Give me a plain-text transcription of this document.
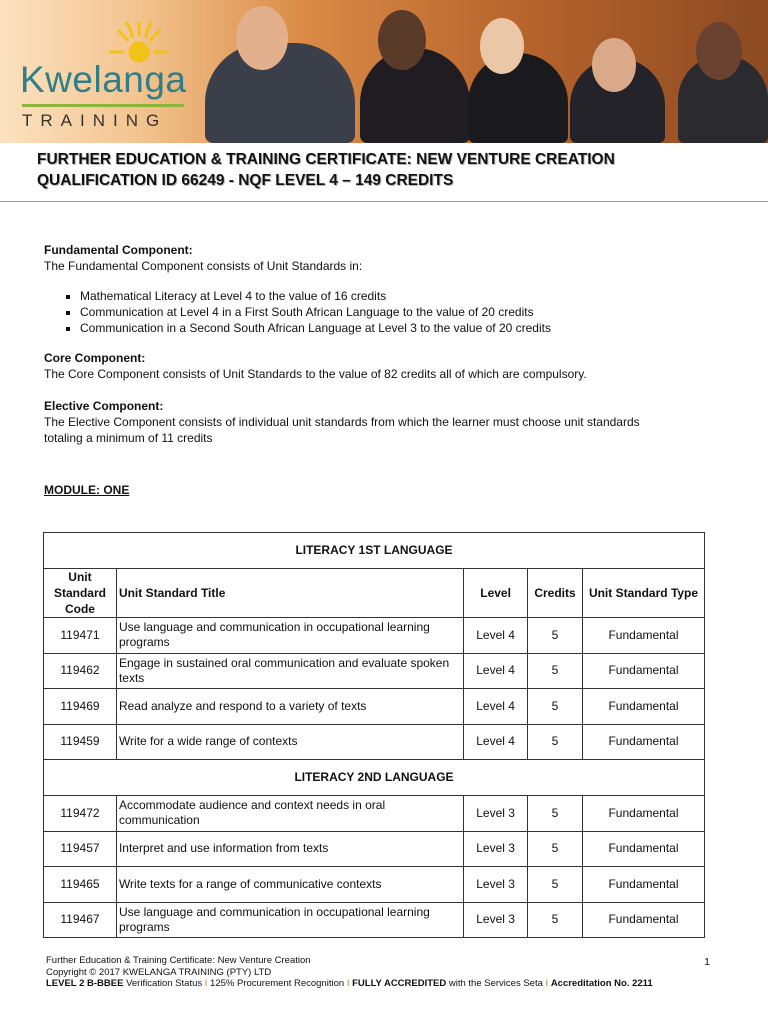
Kwelanga
TRAINING
FURTHER EDUCATION & TRAINING CERTIFICATE: NEW VENTURE CREATION
QUALIFICATION ID 66249 - NQF LEVEL 4 – 149 CREDITS
Fundamental Component:
The Fundamental Component consists of Unit Standards in:
▪ Mathematical Literacy at Level 4 to the value of 16 credits
▪ Communication at Level 4 in a First South African Language to the value of 20 credits
▪ Communication in a Second South African Language at Level 3 to the value of 20 credits
Core Component:
The Core Component consists of Unit Standards to the value of 82 credits all of which are compulsory.
Elective Component:
The Elective Component consists of individual unit standards from which the learner must choose unit standards
totaling a minimum of 11 credits
MODULE: ONE
LITERACY 1ST LANGUAGE				

Unit
Standard
Code	Unit Standard Title	Level	Credits	Unit Standard Type
119471	Use language and communication in occupational learning programs	Level 4	5	Fundamental
119462	Engage in sustained oral communication and evaluate spoken texts	Level 4	5	Fundamental
119469	Read analyze and respond to a variety of texts	Level 4	5	Fundamental
119459	Write for a wide range of contexts	Level 4	5	Fundamental
LITERACY 2ND LANGUAGE				
119472	Accommodate audience and context needs in oral communication	Level 3	5	Fundamental
119457	Interpret and use information from texts	Level 3	5	Fundamental
119465	Write texts for a range of communicative contexts	Level 3	5	Fundamental
119467	Use language and communication in occupational learning programs	Level 3	5	Fundamental
Further Education & Training Certificate: New Venture Creation
Copyright © 2017 KWELANGA TRAINING (PTY) LTD
LEVEL 2 B-BBEE Verification Status I 125% Procurement Recognition I FULLY ACCREDITED with the Services Seta I Accreditation No. 2211
1
